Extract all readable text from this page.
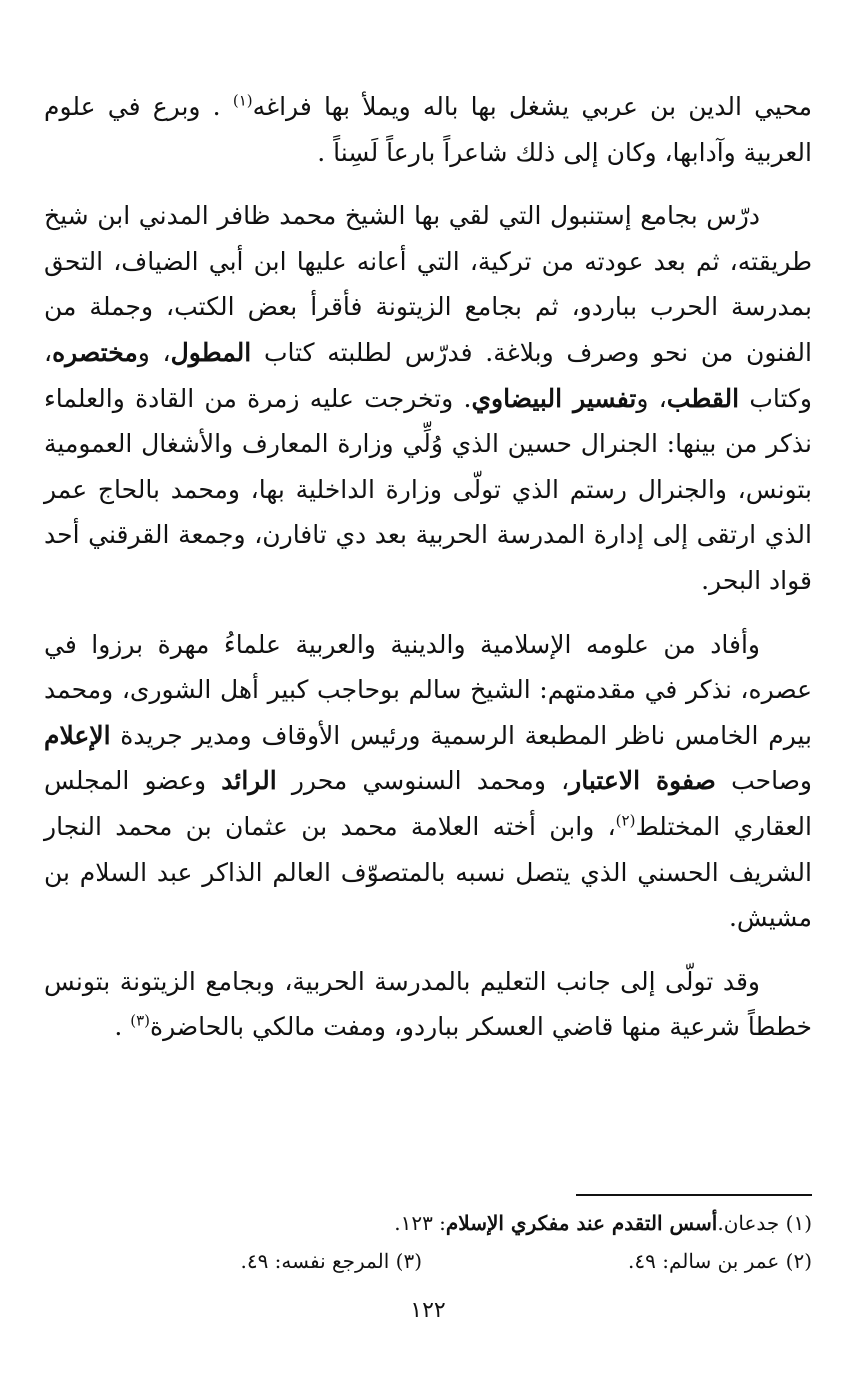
محيي الدين بن عربي يشغل بها باله ويملأ بها فراغه$^{(١)}$ . وبرع في علوم العربية وآدابها، وكان إلى ذلك شاعراً بارعاً لَسِناً .

درّس بجامع إستنبول التي لقي بها الشيخ محمد ظافر المدني ابن شيخ طريقته، ثم بعد عودته من تركية، التي أعانه عليها ابن أبي الضياف، التحق بمدرسة الحرب بباردو، ثم بجامع الزيتونة فأقرأ بعض الكتب، وجملة من الفنون من نحو وصرف وبلاغة. فدرّس لطلبته كتاب المطول، ومختصره، وكتاب القطب، وتفسير البيضاوي. وتخرجت عليه زمرة من القادة والعلماء نذكر من بينها: الجنرال حسين الذي وُلِّي وزارة المعارف والأشغال العمومية بتونس، والجنرال رستم الذي تولّى وزارة الداخلية بها، ومحمد بالحاج عمر الذي ارتقى إلى إدارة المدرسة الحربية بعد دي تافارن، وجمعة القرقني أحد قواد البحر.

وأفاد من علومه الإسلامية والدينية والعربية علماءُ مهرة برزوا في عصره، نذكر في مقدمتهم: الشيخ سالم بوحاجب كبير أهل الشورى، ومحمد بيرم الخامس ناظر المطبعة الرسمية ورئيس الأوقاف ومدير جريدة الإعلام وصاحب صفوة الاعتبار، ومحمد السنوسي محرر الرائد وعضو المجلس العقاري المختلط$^{(٢)}$، وابن أخته العلامة محمد بن عثمان بن محمد النجار الشريف الحسني الذي يتصل نسبه بالمتصوّف العالم الذاكر عبد السلام بن مشيش.

وقد تولّى إلى جانب التعليم بالمدرسة الحربية، وبجامع الزيتونة بتونس خططاً شرعية منها قاضي العسكر بباردو، ومفت مالكي بالحاضرة$^{(٣)}$ .

(١) جدعان.
أسس التقدم عند مفكري الإسلام
: ١٢٣.
(٢) عمر بن سالم: ٤٩.
(٣) المرجع نفسه: ٤٩.
١٢٢
